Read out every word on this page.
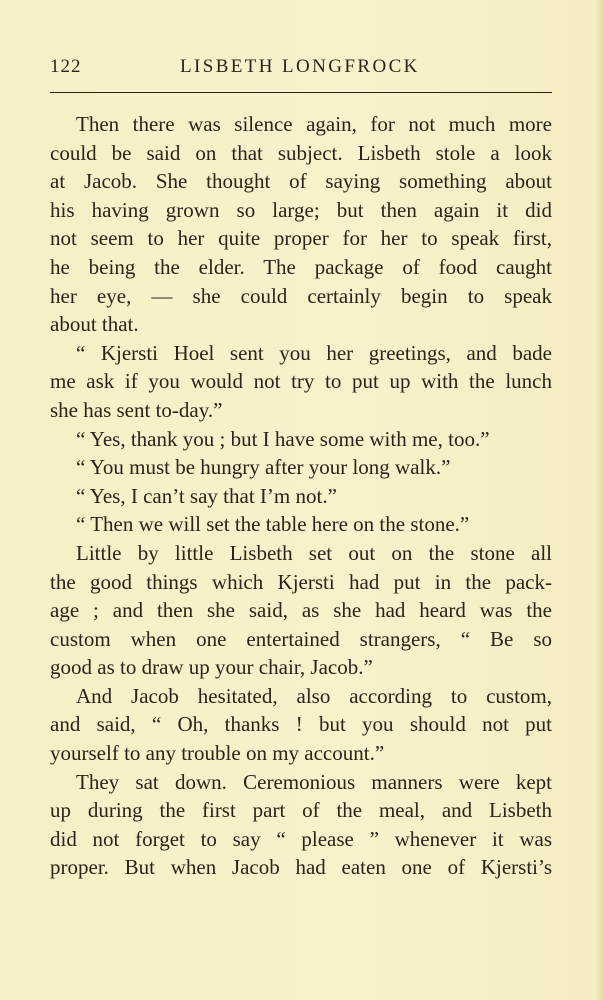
122	LISBETH LONGFROCK

Then there was silence again, for not much more
could be said on that subject. Lisbeth stole a look
at Jacob. She thought of saying something about
his having grown so large; but then again it did
not seem to her quite proper for her to speak first,
he being the elder. The package of food caught
her eye, — she could certainly begin to speak
about that.

“ Kjersti Hoel sent you her greetings, and bade
me ask if you would not try to put up with the lunch
she has sent to-day.”

“ Yes, thank you ; but I have some with me, too.”

“ You must be hungry after your long walk.”

“ Yes, I can’t say that I’m not.”

“ Then we will set the table here on the stone.”

Little by little Lisbeth set out on the stone all
the good things which Kjersti had put in the pack-
age ; and then she said, as she had heard was the
custom when one entertained strangers, “ Be so
good as to draw up your chair, Jacob.”

And Jacob hesitated, also according to custom,
and said, “ Oh, thanks ! but you should not put
yourself to any trouble on my account.”

They sat down. Ceremonious manners were kept
up during the first part of the meal, and Lisbeth
did not forget to say “ please ” whenever it was
proper. But when Jacob had eaten one of Kjersti’s
